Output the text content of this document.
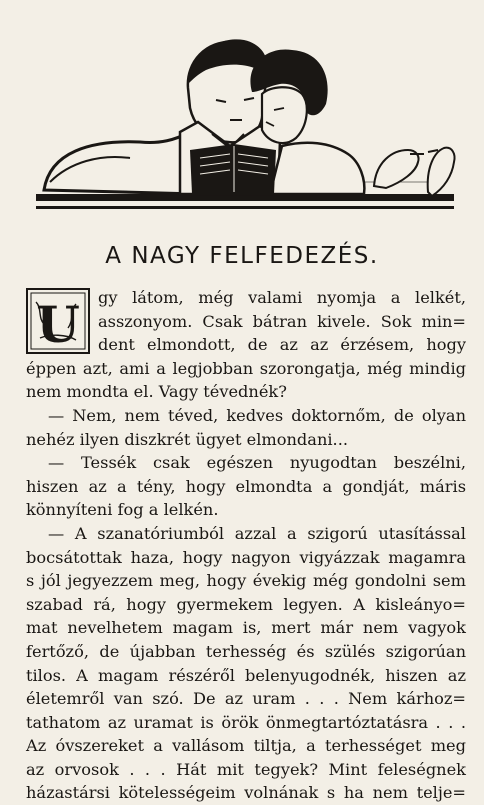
A NAGY FELFEDEZÉS.
U	gy látom, még valami nyomja a lelkét,
asszonyom. Csak bátran kivele. Sok min=
dent elmondott, de az az érzésem, hogy
éppen azt, ami a legjobban szorongatja, még mindig
nem mondta el. Vagy tévednék?
— Nem, nem téved, kedves doktornőm, de olyan
nehéz ilyen diszkrét ügyet elmondani...
— Tessék csak egészen nyugodtan beszélni,
hiszen az a tény, hogy elmondta a gondját, máris
könnyíteni fog a lelkén.
— A szanatóriumból azzal a szigorú utasítással
bocsátottak haza, hogy nagyon vigyázzak magamra
s jól jegyezzem meg, hogy évekig még gondolni sem
szabad rá, hogy gyermekem legyen. A kisleányo=
mat nevelhetem magam is, mert már nem vagyok
fertőző, de újabban terhesség és szülés szigorúan
tilos. A magam részéről belenyugodnék, hiszen az
életemről van szó. De az uram . . . Nem kárhoz=
tathatom az uramat is örök önmegtartóztatásra . . .
Az óvszereket a vallásom tiltja, a terhességet meg
az orvosok . . . Hát mit tegyek? Mint feleségnek
házastársi kötelességeim volnának s ha nem telje=
